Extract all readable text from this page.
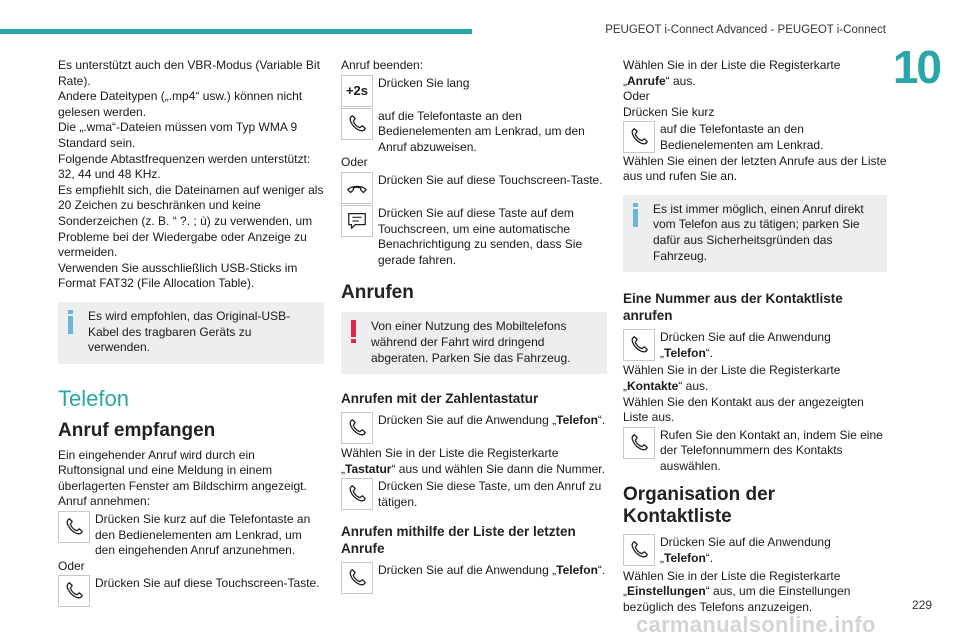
PEUGEOT i-Connect Advanced - PEUGEOT i-Connect
10

Es unterstützt auch den VBR-Modus (Variable Bit Rate).

Andere Dateitypen („.mp4“ usw.) können nicht gelesen werden.

Die „.wma“-Dateien müssen vom Typ WMA 9 Standard sein.

Folgende Abtastfrequenzen werden unterstützt: 32, 44 und 48 KHz.

Es empfiehlt sich, die Dateinamen auf weniger als 20 Zeichen zu beschränken und keine Sonderzeichen (z. B. “ ?. ; ù) zu verwenden, um Probleme bei der Wiedergabe oder Anzeige zu vermeiden.

Verwenden Sie ausschließlich USB-Sticks im Format FAT32 (File Allocation Table).

Es wird empfohlen, das Original-USB-Kabel des tragbaren Geräts zu verwenden.

Telefon
Anruf empfangen

Ein eingehender Anruf wird durch ein Ruftonsignal und eine Meldung in einem überlagerten Fenster am Bildschirm angezeigt.

Anruf annehmen:

Drücken Sie kurz auf die Telefontaste an den Bedienelementen am Lenkrad, um den eingehenden Anruf anzunehmen.

Oder

Drücken Sie auf diese Touchscreen-Taste.

Anruf beenden:

+2s

Drücken Sie lang

auf die Telefontaste an den Bedienelementen am Lenkrad, um den Anruf abzuweisen.

Oder

Drücken Sie auf diese Touchscreen-Taste.

Drücken Sie auf diese Taste auf dem Touchscreen, um eine automatische Benachrichtigung zu senden, dass Sie gerade fahren.

Anrufen

Von einer Nutzung des Mobiltelefons während der Fahrt wird dringend abgeraten. Parken Sie das Fahrzeug.

Anrufen mit der Zahlentastatur

Drücken Sie auf die Anwendung „Telefon“.

Wählen Sie in der Liste die Registerkarte „Tastatur“ aus und wählen Sie dann die Nummer.

Drücken Sie diese Taste, um den Anruf zu tätigen.

Anrufen mithilfe der Liste der letzten Anrufe

Drücken Sie auf die Anwendung „Telefon“.

Wählen Sie in der Liste die Registerkarte „Anrufe“ aus.

Oder

Drücken Sie kurz

auf die Telefontaste an den Bedienelementen am Lenkrad.

Wählen Sie einen der letzten Anrufe aus der Liste aus und rufen Sie an.

Es ist immer möglich, einen Anruf direkt vom Telefon aus zu tätigen; parken Sie dafür aus Sicherheitsgründen das Fahrzeug.

Eine Nummer aus der Kontaktliste anrufen

Drücken Sie auf die Anwendung „Telefon“.

Wählen Sie in der Liste die Registerkarte „Kontakte“ aus.

Wählen Sie den Kontakt aus der angezeigten Liste aus.

Rufen Sie den Kontakt an, indem Sie eine der Telefonnummern des Kontakts auswählen.

Organisation der Kontaktliste

Drücken Sie auf die Anwendung „Telefon“.

Wählen Sie in der Liste die Registerkarte „Einstellungen“ aus, um die Einstellungen bezüglich des Telefons anzuzeigen.	229
carmanualsonline.info
